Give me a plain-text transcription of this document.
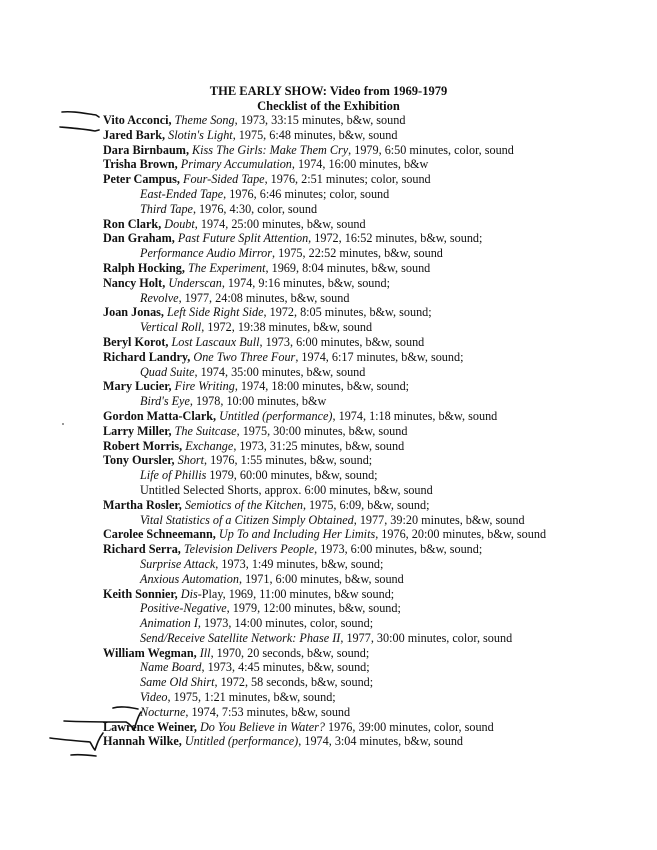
THE EARLY SHOW: Video from 1969-1979
Checklist of the Exhibition
Vito Acconci, Theme Song, 1973, 33:15 minutes, b&w, sound
Jared Bark, Slotin's Light, 1975, 6:48 minutes, b&w, sound
Dara Birnbaum, Kiss The Girls: Make Them Cry, 1979, 6:50 minutes, color, sound
Trisha Brown, Primary Accumulation, 1974, 16:00 minutes, b&w
Peter Campus, Four-Sided Tape, 1976, 2:51 minutes; color, sound
East-Ended Tape, 1976, 6:46 minutes; color, sound
Third Tape, 1976, 4:30, color, sound
Ron Clark, Doubt, 1974, 25:00 minutes, b&w, sound
Dan Graham, Past Future Split Attention, 1972, 16:52 minutes, b&w, sound;
Performance Audio Mirror, 1975, 22:52 minutes, b&w, sound
Ralph Hocking, The Experiment, 1969, 8:04 minutes, b&w, sound
Nancy Holt, Underscan, 1974, 9:16 minutes, b&w, sound;
Revolve, 1977, 24:08 minutes, b&w, sound
Joan Jonas, Left Side Right Side, 1972, 8:05 minutes, b&w, sound;
Vertical Roll, 1972, 19:38 minutes, b&w, sound
Beryl Korot, Lost Lascaux Bull, 1973, 6:00 minutes, b&w, sound
Richard Landry, One Two Three Four, 1974, 6:17 minutes, b&w, sound;
Quad Suite, 1974, 35:00 minutes, b&w, sound
Mary Lucier, Fire Writing, 1974, 18:00 minutes, b&w, sound;
Bird's Eye, 1978, 10:00 minutes, b&w
Gordon Matta-Clark, Untitled (performance), 1974, 1:18 minutes, b&w, sound
Larry Miller, The Suitcase, 1975, 30:00 minutes, b&w, sound
Robert Morris, Exchange, 1973, 31:25 minutes, b&w, sound
Tony Oursler, Short, 1976, 1:55 minutes, b&w, sound;
Life of Phillis 1979, 60:00 minutes, b&w, sound;
Untitled Selected Shorts, approx. 6:00 minutes, b&w, sound
Martha Rosler, Semiotics of the Kitchen, 1975, 6:09, b&w, sound;
Vital Statistics of a Citizen Simply Obtained, 1977, 39:20 minutes, b&w, sound
Carolee Schneemann, Up To and Including Her Limits, 1976, 20:00 minutes, b&w, sound
Richard Serra, Television Delivers People, 1973, 6:00 minutes, b&w, sound;
Surprise Attack, 1973, 1:49 minutes, b&w, sound;
Anxious Automation, 1971, 6:00 minutes, b&w, sound
Keith Sonnier, Dis-Play, 1969, 11:00 minutes, b&w sound;
Positive-Negative, 1979, 12:00 minutes, b&w, sound;
Animation I, 1973, 14:00 minutes, color, sound;
Send/Receive Satellite Network: Phase II, 1977, 30:00 minutes, color, sound
William Wegman, Ill, 1970, 20 seconds, b&w, sound;
Name Board, 1973, 4:45 minutes, b&w, sound;
Same Old Shirt, 1972, 58 seconds, b&w, sound;
Video, 1975, 1:21 minutes, b&w, sound;
Nocturne, 1974, 7:53 minutes, b&w, sound
Lawrence Weiner, Do You Believe in Water? 1976, 39:00 minutes, color, sound
Hannah Wilke, Untitled (performance), 1974, 3:04 minutes, b&w, sound
